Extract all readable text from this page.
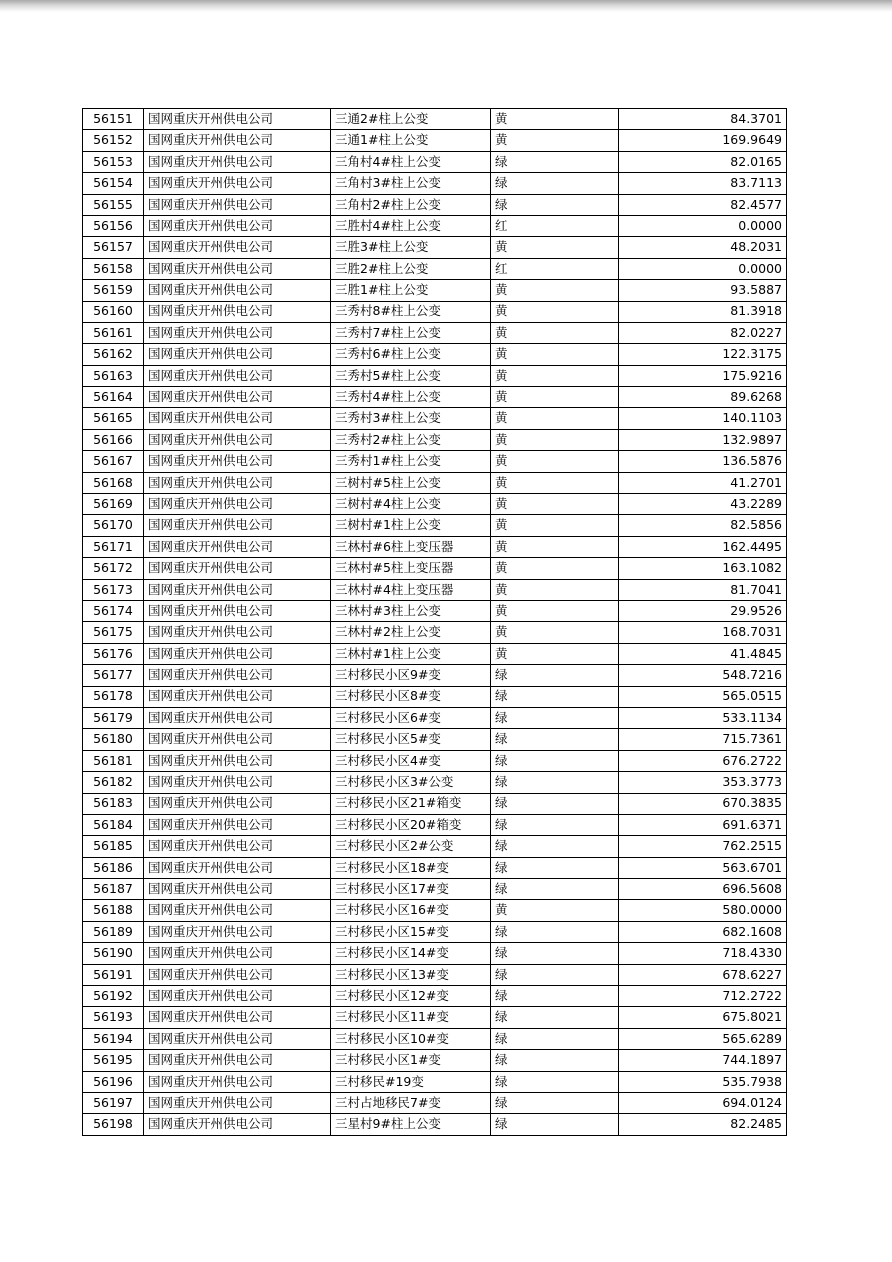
56151	国网重庆开州供电公司	三通2#柱上公变	黄	84.3701
56152	国网重庆开州供电公司	三通1#柱上公变	黄	169.9649
56153	国网重庆开州供电公司	三角村4#柱上公变	绿	82.0165
56154	国网重庆开州供电公司	三角村3#柱上公变	绿	83.7113
56155	国网重庆开州供电公司	三角村2#柱上公变	绿	82.4577
56156	国网重庆开州供电公司	三胜村4#柱上公变	红	0.0000
56157	国网重庆开州供电公司	三胜3#柱上公变	黄	48.2031
56158	国网重庆开州供电公司	三胜2#柱上公变	红	0.0000
56159	国网重庆开州供电公司	三胜1#柱上公变	黄	93.5887
56160	国网重庆开州供电公司	三秀村8#柱上公变	黄	81.3918
56161	国网重庆开州供电公司	三秀村7#柱上公变	黄	82.0227
56162	国网重庆开州供电公司	三秀村6#柱上公变	黄	122.3175
56163	国网重庆开州供电公司	三秀村5#柱上公变	黄	175.9216
56164	国网重庆开州供电公司	三秀村4#柱上公变	黄	89.6268
56165	国网重庆开州供电公司	三秀村3#柱上公变	黄	140.1103
56166	国网重庆开州供电公司	三秀村2#柱上公变	黄	132.9897
56167	国网重庆开州供电公司	三秀村1#柱上公变	黄	136.5876
56168	国网重庆开州供电公司	三树村#5柱上公变	黄	41.2701
56169	国网重庆开州供电公司	三树村#4柱上公变	黄	43.2289
56170	国网重庆开州供电公司	三树村#1柱上公变	黄	82.5856
56171	国网重庆开州供电公司	三林村#6柱上变压器	黄	162.4495
56172	国网重庆开州供电公司	三林村#5柱上变压器	黄	163.1082
56173	国网重庆开州供电公司	三林村#4柱上变压器	黄	81.7041
56174	国网重庆开州供电公司	三林村#3柱上公变	黄	29.9526
56175	国网重庆开州供电公司	三林村#2柱上公变	黄	168.7031
56176	国网重庆开州供电公司	三林村#1柱上公变	黄	41.4845
56177	国网重庆开州供电公司	三村移民小区9#变	绿	548.7216
56178	国网重庆开州供电公司	三村移民小区8#变	绿	565.0515
56179	国网重庆开州供电公司	三村移民小区6#变	绿	533.1134
56180	国网重庆开州供电公司	三村移民小区5#变	绿	715.7361
56181	国网重庆开州供电公司	三村移民小区4#变	绿	676.2722
56182	国网重庆开州供电公司	三村移民小区3#公变	绿	353.3773
56183	国网重庆开州供电公司	三村移民小区21#箱变	绿	670.3835
56184	国网重庆开州供电公司	三村移民小区20#箱变	绿	691.6371
56185	国网重庆开州供电公司	三村移民小区2#公变	绿	762.2515
56186	国网重庆开州供电公司	三村移民小区18#变	绿	563.6701
56187	国网重庆开州供电公司	三村移民小区17#变	绿	696.5608
56188	国网重庆开州供电公司	三村移民小区16#变	黄	580.0000
56189	国网重庆开州供电公司	三村移民小区15#变	绿	682.1608
56190	国网重庆开州供电公司	三村移民小区14#变	绿	718.4330
56191	国网重庆开州供电公司	三村移民小区13#变	绿	678.6227
56192	国网重庆开州供电公司	三村移民小区12#变	绿	712.2722
56193	国网重庆开州供电公司	三村移民小区11#变	绿	675.8021
56194	国网重庆开州供电公司	三村移民小区10#变	绿	565.6289
56195	国网重庆开州供电公司	三村移民小区1#变	绿	744.1897
56196	国网重庆开州供电公司	三村移民#19变	绿	535.7938
56197	国网重庆开州供电公司	三村占地移民7#变	绿	694.0124
56198	国网重庆开州供电公司	三星村9#柱上公变	绿	82.2485
